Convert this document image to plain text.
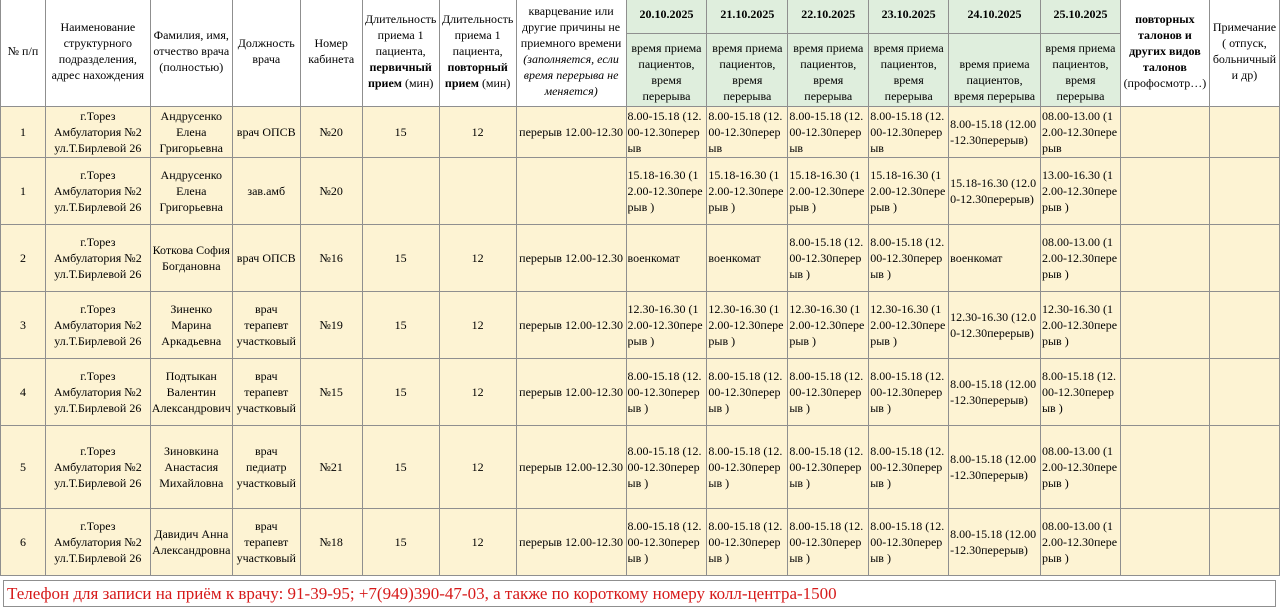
№ п/п	Наименование структурного подразделения, адрес нахождения	Фамилия, имя, отчество врача (полностью)	Должность врача	Номер кабинета	Длительность приема 1 пациента, первичный прием (мин)	Длительность приема 1 пациента, повторный прием (мин)	кварцевание или другие причины не приемного времени (заполняется, если время перерыва не меняется)	20.10.2025	21.10.2025	22.10.2025	23.10.2025	24.10.2025	25.10.2025	повторных талонов и других видов талонов (профосмотр…)	Примечание ( отпуск, больничный и др)
								время приема пациентов, время перерыва	время приема пациентов, время перерыва	время приема пациентов, время перерыва	время приема пациентов, время перерыва	время приема пациентов, время перерыва	время приема пациентов, время перерыва		
1	г.Торез Амбулатория №2 ул.Т.Бирлевой 26	Андрусенко Елена Григорьевна	врач ОПСВ	№20	15	12	перерыв 12.00-12.30	8.00-15.18 (12.00-12.30перерыв	8.00-15.18 (12.00-12.30перерыв	8.00-15.18 (12.00-12.30перерыв	8.00-15.18 (12.00-12.30перерыв	8.00-15.18 (12.00-12.30перерыв)	08.00-13.00 (12.00-12.30перерыв		

1	г.Торез Амбулатория №2 ул.Т.Бирлевой 26	Андрусенко Елена Григорьевна	зав.амб	№20				15.18-16.30 (12.00-12.30перерыв )	15.18-16.30 (12.00-12.30перерыв )	15.18-16.30 (12.00-12.30перерыв )	15.18-16.30 (12.00-12.30перерыв )	15.18-16.30 (12.00-12.30перерыв)	13.00-16.30 (12.00-12.30перерыв )		

2	г.Торез Амбулатория №2 ул.Т.Бирлевой 26	Коткова София Богдановна	врач ОПСВ	№16	15	12	перерыв 12.00-12.30	военкомат	военкомат	8.00-15.18 (12.00-12.30перерыв )	8.00-15.18 (12.00-12.30перерыв )	военкомат	08.00-13.00 (12.00-12.30перерыв )		

3	г.Торез Амбулатория №2 ул.Т.Бирлевой 26	Зиненко Марина Аркадьевна	врач терапевт участковый	№19	15	12	перерыв 12.00-12.30	12.30-16.30 (12.00-12.30перерыв )	12.30-16.30 (12.00-12.30перерыв )	12.30-16.30 (12.00-12.30перерыв )	12.30-16.30 (12.00-12.30перерыв )	12.30-16.30 (12.00-12.30перерыв)	12.30-16.30 (12.00-12.30перерыв )		

4	г.Торез Амбулатория №2 ул.Т.Бирлевой 26	Подтыкан Валентин Александрович	врач терапевт участковый	№15	15	12	перерыв 12.00-12.30	8.00-15.18 (12.00-12.30перерыв )	8.00-15.18 (12.00-12.30перерыв )	8.00-15.18 (12.00-12.30перерыв )	8.00-15.18 (12.00-12.30перерыв )	8.00-15.18 (12.00-12.30перерыв)	8.00-15.18 (12.00-12.30перерыв )		

5	г.Торез Амбулатория №2 ул.Т.Бирлевой 26	Зиновкина Анастасия Михайловна	врач педиатр участковый	№21	15	12	перерыв 12.00-12.30	8.00-15.18 (12.00-12.30перерыв )	8.00-15.18 (12.00-12.30перерыв )	8.00-15.18 (12.00-12.30перерыв )	8.00-15.18 (12.00-12.30перерыв )	8.00-15.18 (12.00-12.30перерыв)	08.00-13.00 (12.00-12.30перерыв )		

6	г.Торез Амбулатория №2 ул.Т.Бирлевой 26	Давидич Анна Александровна	врач терапевт участковый	№18	15	12	перерыв 12.00-12.30	8.00-15.18 (12.00-12.30перерыв )	8.00-15.18 (12.00-12.30перерыв )	8.00-15.18 (12.00-12.30перерыв )	8.00-15.18 (12.00-12.30перерыв )	8.00-15.18 (12.00-12.30перерыв)	08.00-13.00 (12.00-12.30перерыв )		

Телефон для записи на приём к врачу: 91-39-95; +7(949)390-47-03, а также по короткому номеру колл-центра-1500
